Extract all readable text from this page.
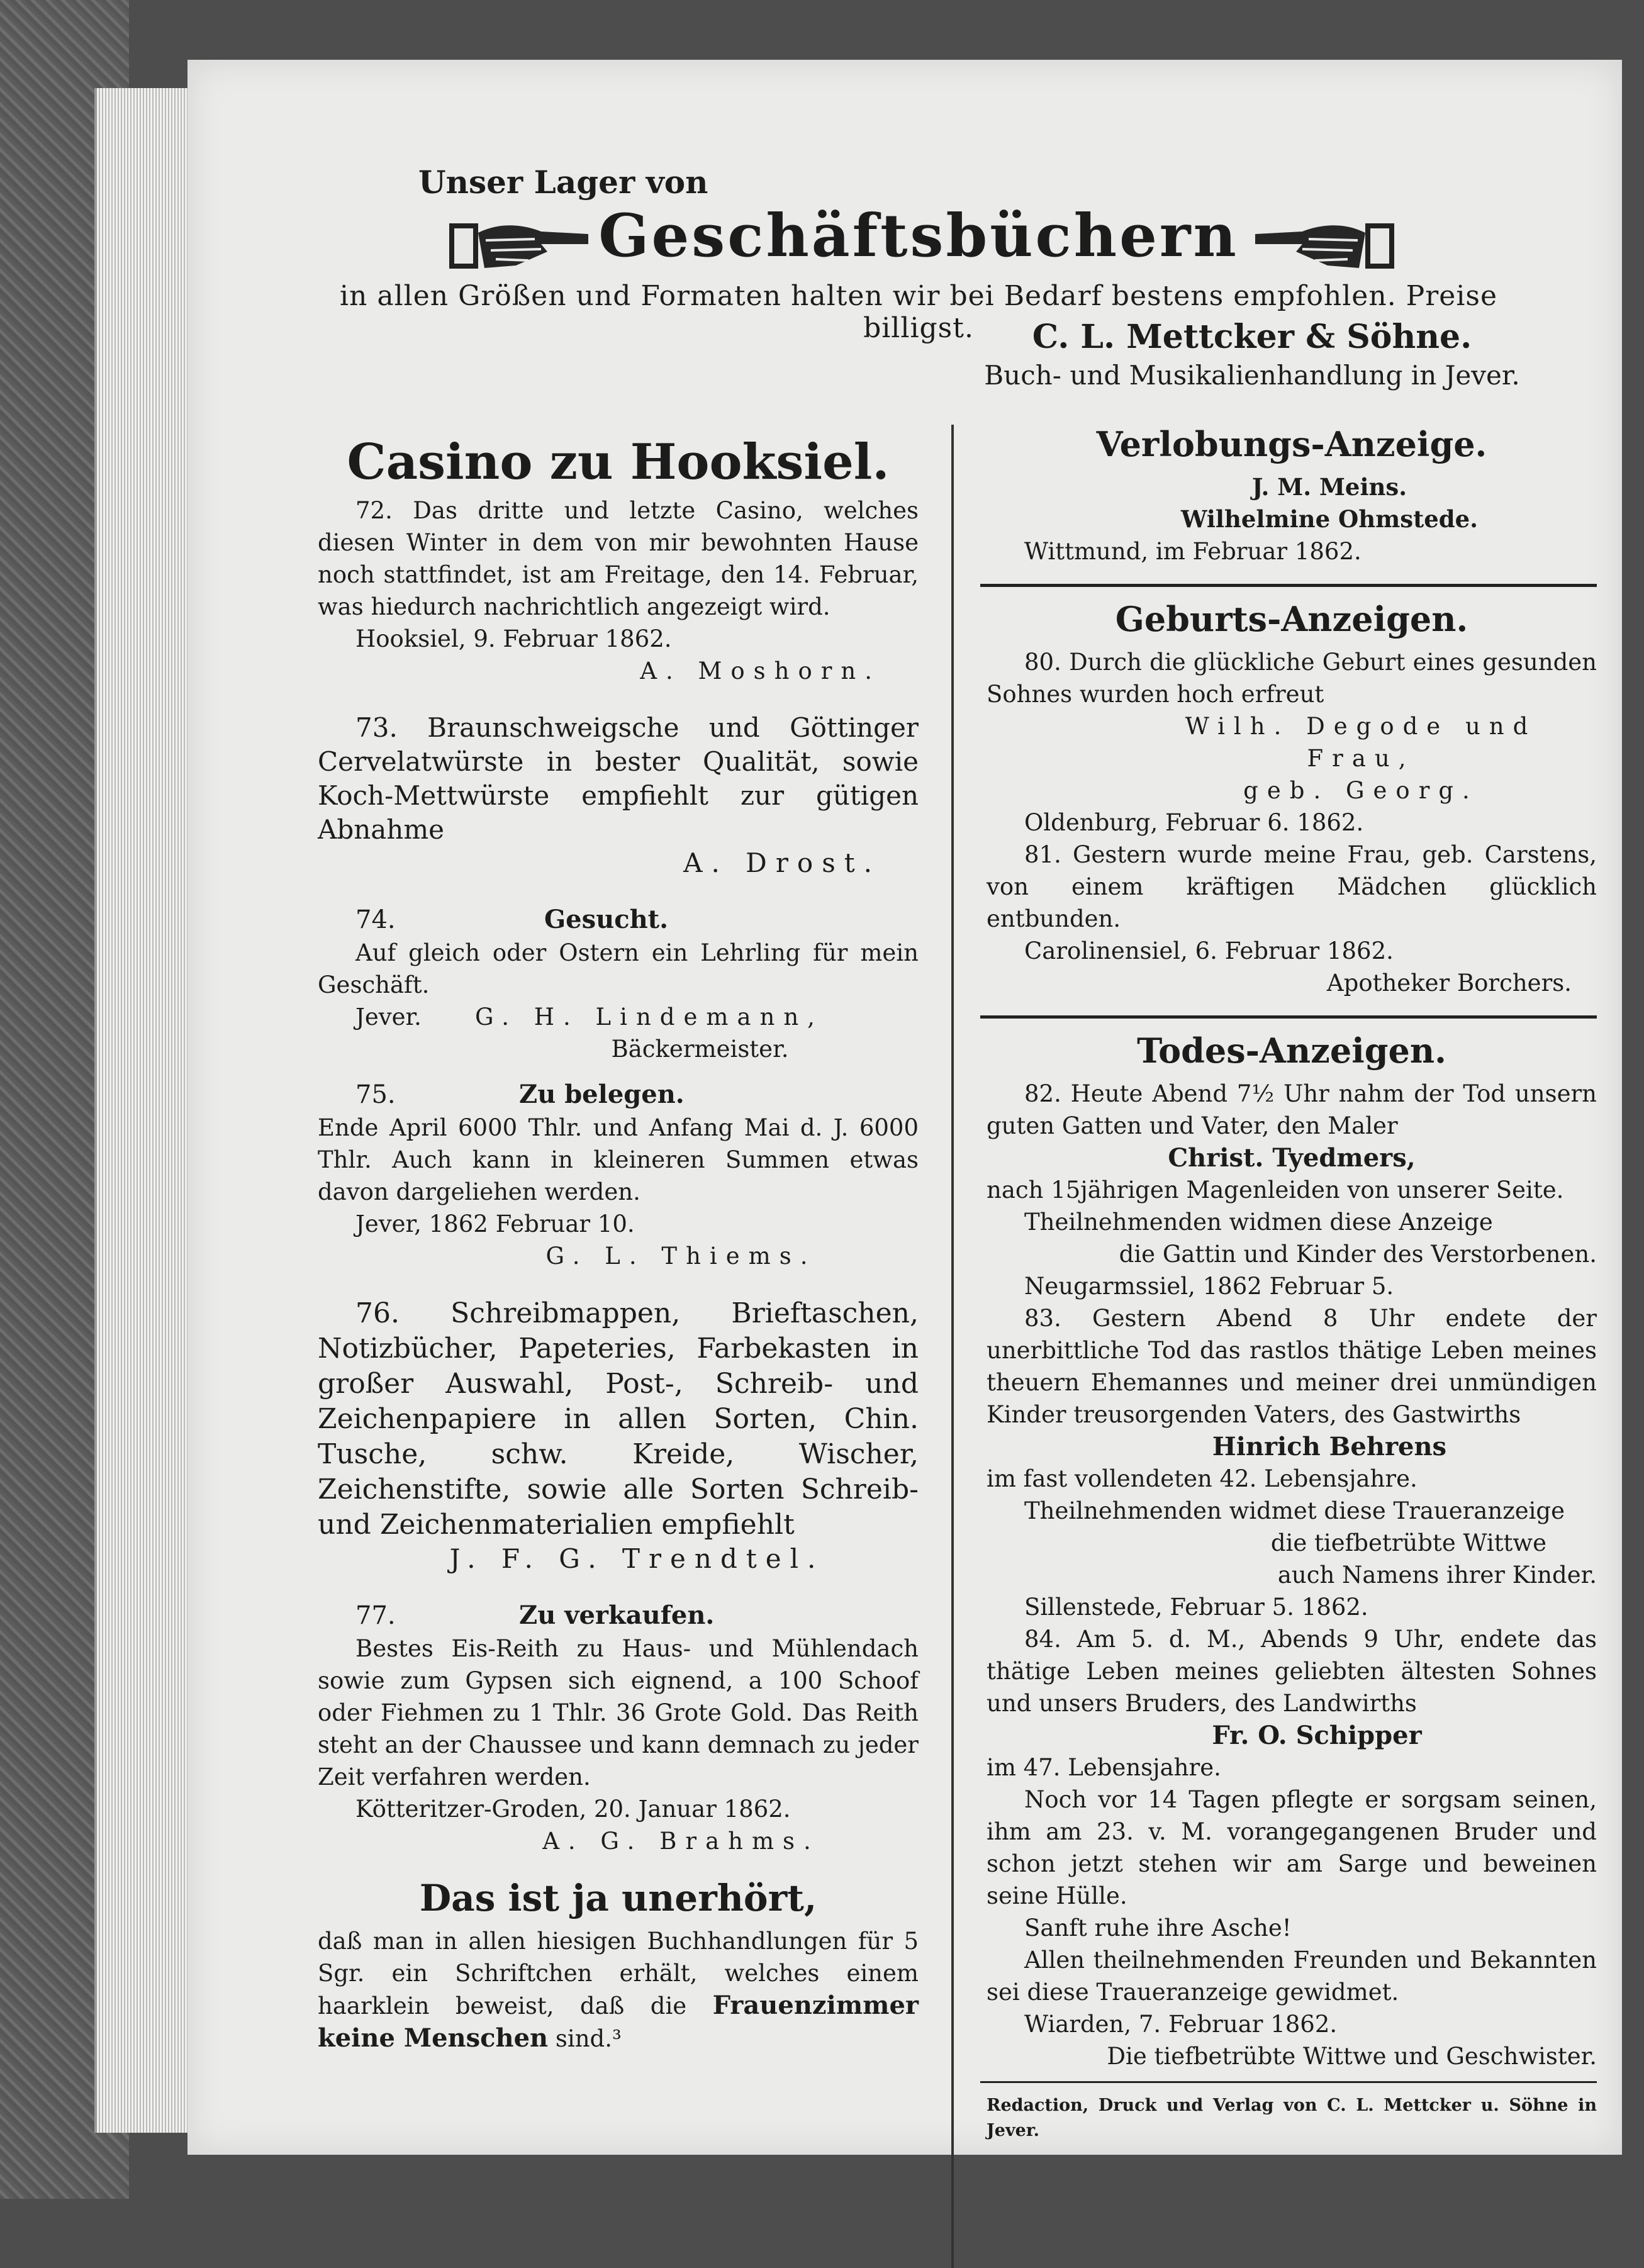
Unser Lager von
Geschäftsbüchern
in allen Größen und Formaten halten wir bei Bedarf bestens empfohlen. Preise billigst.	C. L. Mettcker & Söhne.
Buch- und Musikalienhandlung in Jever.
Casino zu Hooksiel.

72. Das dritte und letzte Casino, welches diesen Winter in dem von mir bewohnten Hause noch stattfindet, ist am Freitage, den 14. Februar, was hiedurch nachrichtlich angezeigt wird.

Hooksiel, 9. Februar 1862.

A. Moshorn.

73. Braunschweigsche und Göttinger Cervelatwürste in bester Qualität, sowie Koch-Mettwürste empfiehlt zur gütigen Abnahme

A. Drost.

74.	Gesucht.

Auf gleich oder Ostern ein Lehrling für mein Geschäft.

Jever.	G. H. Lindemann,

Bäckermeister.

75.	Zu belegen.

Ende April 6000 Thlr. und Anfang Mai d. J. 6000 Thlr. Auch kann in kleineren Summen etwas davon dargeliehen werden.

Jever, 1862 Februar 10.

G. L. Thiems.

76. Schreibmappen, Brieftaschen, Notizbücher, Papeteries, Farbekasten in großer Auswahl, Post-, Schreib- und Zeichenpapiere in allen Sorten, Chin. Tusche, schw. Kreide, Wischer, Zeichenstifte, sowie alle Sorten Schreib- und Zeichenmaterialien empfiehlt

J. F. G. Trendtel.

77.	Zu verkaufen.

Bestes Eis-Reith zu Haus- und Mühlendach sowie zum Gypsen sich eignend, a 100 Schoof oder Fiehmen zu 1 Thlr. 36 Grote Gold. Das Reith steht an der Chaussee und kann demnach zu jeder Zeit verfahren werden.

Kötteritzer-Groden, 20. Januar 1862.

A. G. Brahms.

Das ist ja unerhört,

daß man in allen hiesigen Buchhandlungen für 5 Sgr. ein Schriftchen erhält, welches einem haarklein beweist, daß die Frauenzimmer keine Menschen sind.³

Verlobungs-Anzeige.

J. M. Meins.

Wilhelmine Ohmstede.

Wittmund, im Februar 1862.

Geburts-Anzeigen.

80. Durch die glückliche Geburt eines gesunden Sohnes wurden hoch erfreut

Wilh. Degode und Frau,

geb. Georg.

Oldenburg, Februar 6. 1862.

81. Gestern wurde meine Frau, geb. Carstens, von einem kräftigen Mädchen glücklich entbunden.

Carolinensiel, 6. Februar 1862.

Apotheker Borchers.

Todes-Anzeigen.

82. Heute Abend 7½ Uhr nahm der Tod unsern guten Gatten und Vater, den Maler

Christ. Tyedmers,

nach 15jährigen Magenleiden von unserer Seite.

Theilnehmenden widmen diese Anzeige

die Gattin und Kinder des Verstorbenen.

Neugarmssiel, 1862 Februar 5.

83. Gestern Abend 8 Uhr endete der unerbittliche Tod das rastlos thätige Leben meines theuern Ehemannes und meiner drei unmündigen Kinder treusorgenden Vaters, des Gastwirths

Hinrich Behrens

im fast vollendeten 42. Lebensjahre.

Theilnehmenden widmet diese Traueranzeige

die tiefbetrübte Wittwe

auch Namens ihrer Kinder.

Sillenstede, Februar 5. 1862.

84. Am 5. d. M., Abends 9 Uhr, endete das thätige Leben meines geliebten ältesten Sohnes und unsers Bruders, des Landwirths

Fr. O. Schipper

im 47. Lebensjahre.

Noch vor 14 Tagen pflegte er sorgsam seinen, ihm am 23. v. M. vorangegangenen Bruder und schon jetzt stehen wir am Sarge und beweinen seine Hülle.

Sanft ruhe ihre Asche!

Allen theilnehmenden Freunden und Bekannten sei diese Traueranzeige gewidmet.

Wiarden, 7. Februar 1862.

Die tiefbetrübte Wittwe und Geschwister.

Redaction, Druck und Verlag von C. L. Mettcker u. Söhne in Jever.
